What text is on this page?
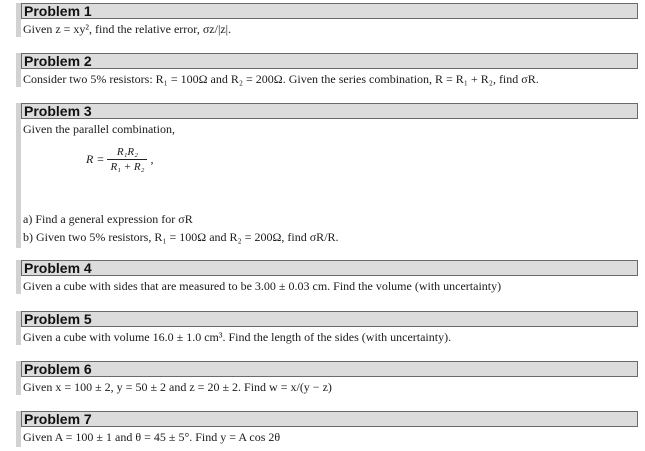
Problem 1
Given z = xy², find the relative error, σz/|z|.
Problem 2
Consider two 5% resistors: R₁ = 100Ω and R₂ = 200Ω. Given the series combination, R = R₁ + R₂, find σR.
Problem 3
Given the parallel combination,
$R = \frac{\text{R₁R₂}}{\text{R₁ + R₂}}$ ,
a) Find a general expression for σR
b) Given two 5% resistors, R₁ = 100Ω and R₂ = 200Ω, find σR/R.
Problem 4
Given a cube with sides that are measured to be 3.00 ± 0.03 cm. Find the volume (with uncertainty)
Problem 5
Given a cube with volume 16.0 ± 1.0 cm³. Find the length of the sides (with uncertainty).
Problem 6
Given x = 100 ± 2, y = 50 ± 2 and z = 20 ± 2. Find w = x/(y − z)
Problem 7
Given A = 100 ± 1 and θ = 45 ± 5°. Find y = A cos 2θ
